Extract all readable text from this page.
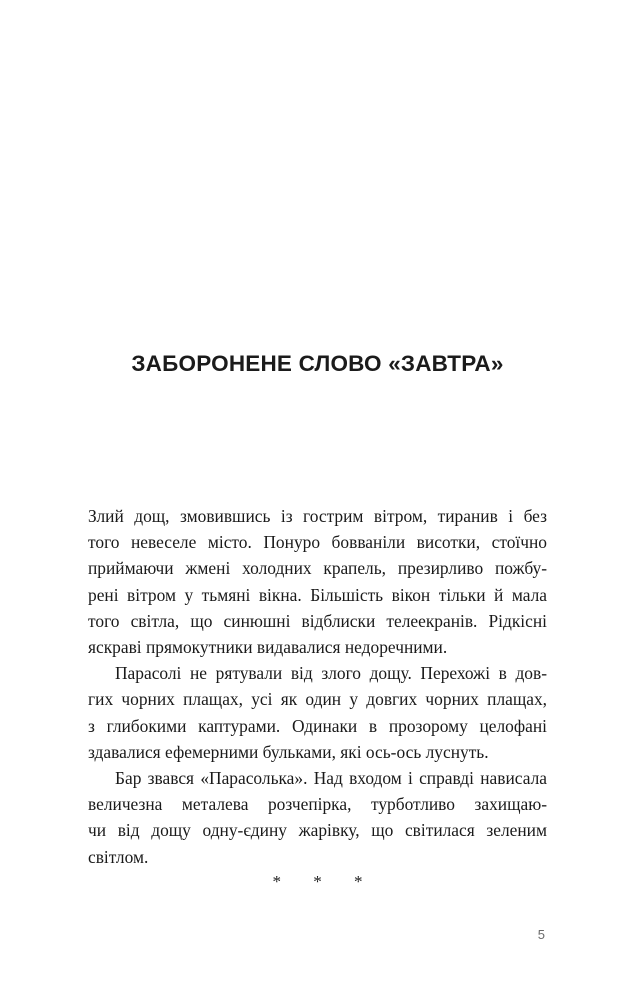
ЗАБОРОНЕНЕ СЛОВО «ЗАВТРА»

Злий дощ, змовившись із гострим вітром, тиранив і без
того невеселе місто. Понуро бовваніли висотки, стоїчно
приймаючи жмені холодних крапель, презирливо пожбу-
рені вітром у тьмяні вікна. Більшість вікон тільки й мала
того світла, що синюшні відблиски телеекранів. Рідкісні
яскраві прямокутники видавалися недоречними.

Парасолі не рятували від злого дощу. Перехожі в дов-
гих чорних плащах, усі як один у довгих чорних плащах,
з глибокими каптурами. Одинаки в прозорому целофані
здавалися ефемерними бульками, які ось-ось луснуть.

Бар звався «Парасолька». Над входом і справді нависала
величезна металева розчепірка, турботливо захищаю-
чи від дощу одну-єдину жарівку, що світилася зеленим
світлом.

* * *
5
